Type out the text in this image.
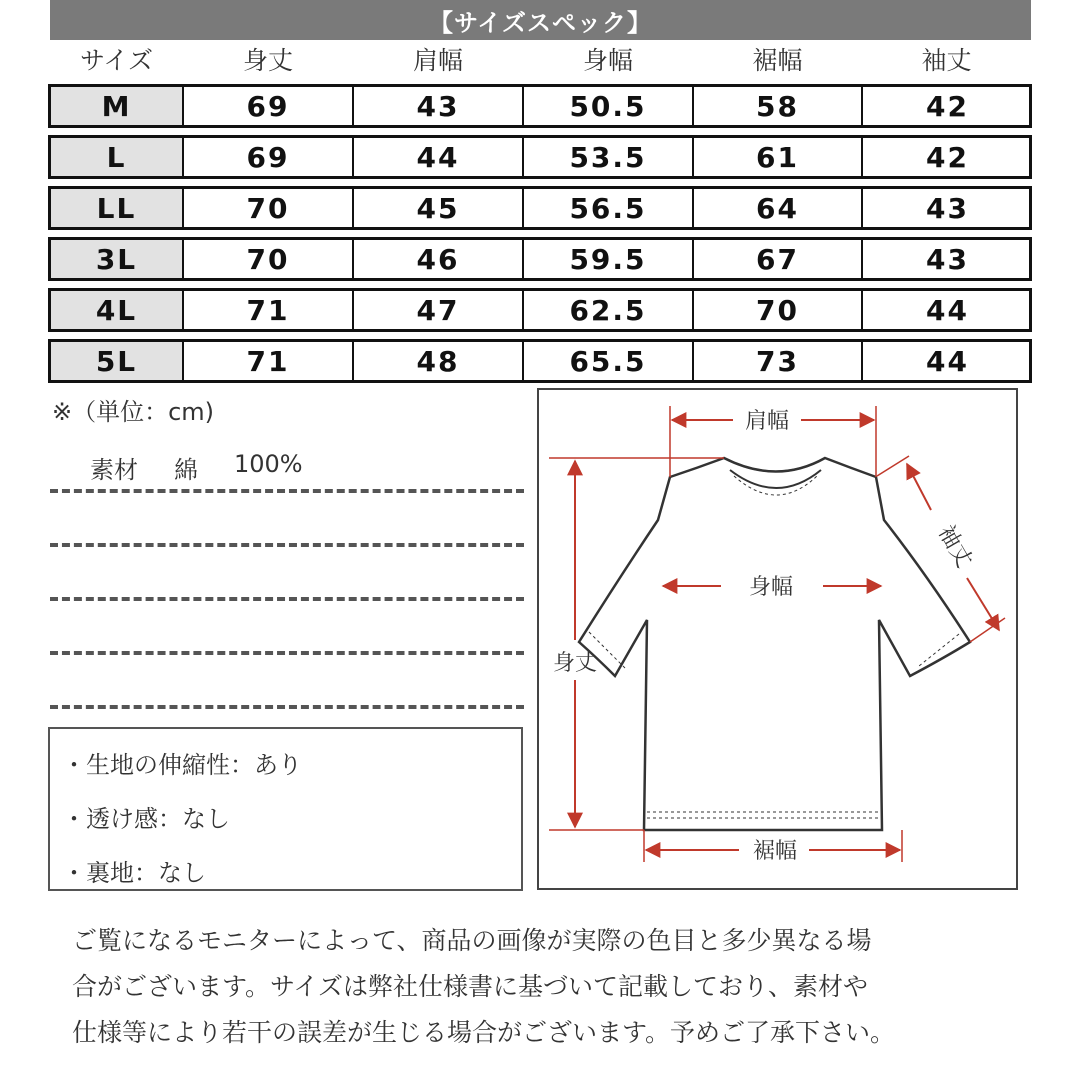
【サイズスペック】
サイズ	身丈	肩幅	身幅	裾幅	袖丈
M	69	43	50.5	58	42
L	69	44	53.5	61	42
LL	70	45	56.5	64	43
3L	70	46	59.5	67	43
4L	71	47	62.5	70	44
5L	71	48	65.5	73	44
※（単位：cm)
素材 綿 100%
・生地の伸縮性：あり
・透け感：なし
・裏地：なし
肩幅
身幅
身丈
袖丈
裾幅

ご覧になるモニターによって、商品の画像が実際の色目と多少異なる場
合がございます。サイズは弊社仕様書に基づいて記載しており、素材や
仕様等により若干の誤差が生じる場合がございます。予めご了承下さい。
